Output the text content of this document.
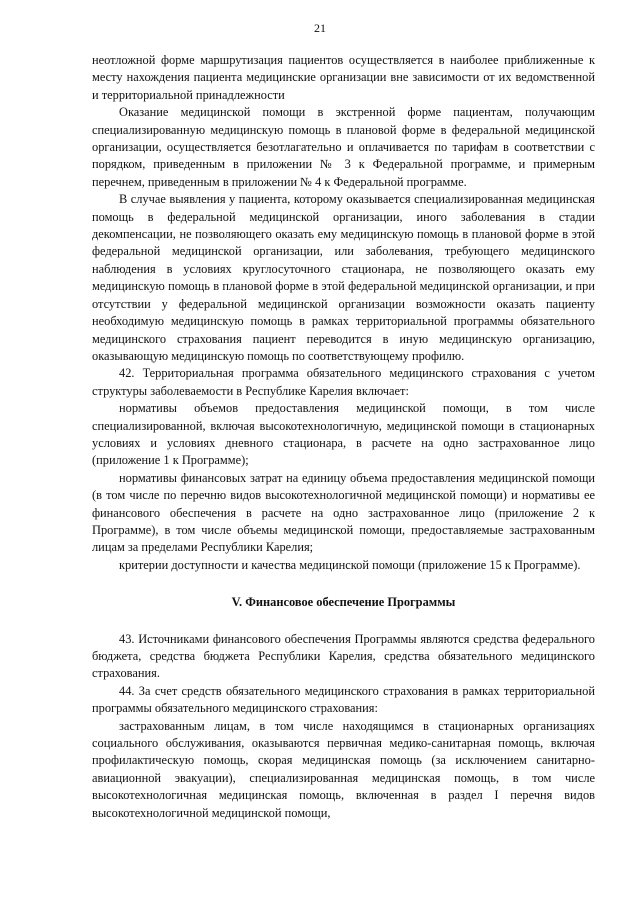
21

неотложной форме маршрутизация пациентов осуществляется в наиболее приближенные к месту нахождения пациента медицинские организации вне зависимости от их ведомственной и территориальной принадлежности

Оказание медицинской помощи в экстренной форме пациентам, получающим специализированную медицинскую помощь в плановой форме в федеральной медицинской организации, осуществляется безотлагательно и оплачивается по тарифам в соответствии с порядком, приведенным в приложении № 3 к Федеральной программе, и примерным перечнем, приведенным в приложении № 4 к Федеральной программе.

В случае выявления у пациента, которому оказывается специализированная медицинская помощь в федеральной медицинской организации, иного заболевания в стадии декомпенсации, не позволяющего оказать ему медицинскую помощь в плановой форме в этой федеральной медицинской организации, или заболевания, требующего медицинского наблюдения в условиях круглосуточного стационара, не позволяющего оказать ему медицинскую помощь в плановой форме в этой федеральной медицинской организации, и при отсутствии у федеральной медицинской организации возможности оказать пациенту необходимую медицинскую помощь в рамках территориальной программы обязательного медицинского страхования пациент переводится в иную медицинскую организацию, оказывающую медицинскую помощь по соответствующему профилю.

42. Территориальная программа обязательного медицинского страхования с учетом структуры заболеваемости в Республике Карелия включает:

нормативы объемов предоставления медицинской помощи, в том числе специализированной, включая высокотехнологичную, медицинской помощи в стационарных условиях и условиях дневного стационара, в расчете на одно застрахованное лицо (приложение 1 к Программе);

нормативы финансовых затрат на единицу объема предоставления медицинской помощи (в том числе по перечню видов высокотехнологичной медицинской помощи) и нормативы ее финансового обеспечения в расчете на одно застрахованное лицо (приложение 2 к Программе), в том числе объемы медицинской помощи, предоставляемые застрахованным лицам за пределами Республики Карелия;

критерии доступности и качества медицинской помощи (приложение 15 к Программе).

V. Финансовое обеспечение Программы

43. Источниками финансового обеспечения Программы являются средства федерального бюджета, средства бюджета Республики Карелия, средства обязательного медицинского страхования.

44. За счет средств обязательного медицинского страхования в рамках территориальной программы обязательного медицинского страхования:

застрахованным лицам, в том числе находящимся в стационарных организациях социального обслуживания, оказываются первичная медико-санитарная помощь, включая профилактическую помощь, скорая медицинская помощь (за исключением санитарно-авиационной эвакуации), специализированная медицинская помощь, в том числе высокотехнологичная медицинская помощь, включенная в раздел I перечня видов высокотехнологичной медицинской помощи,
